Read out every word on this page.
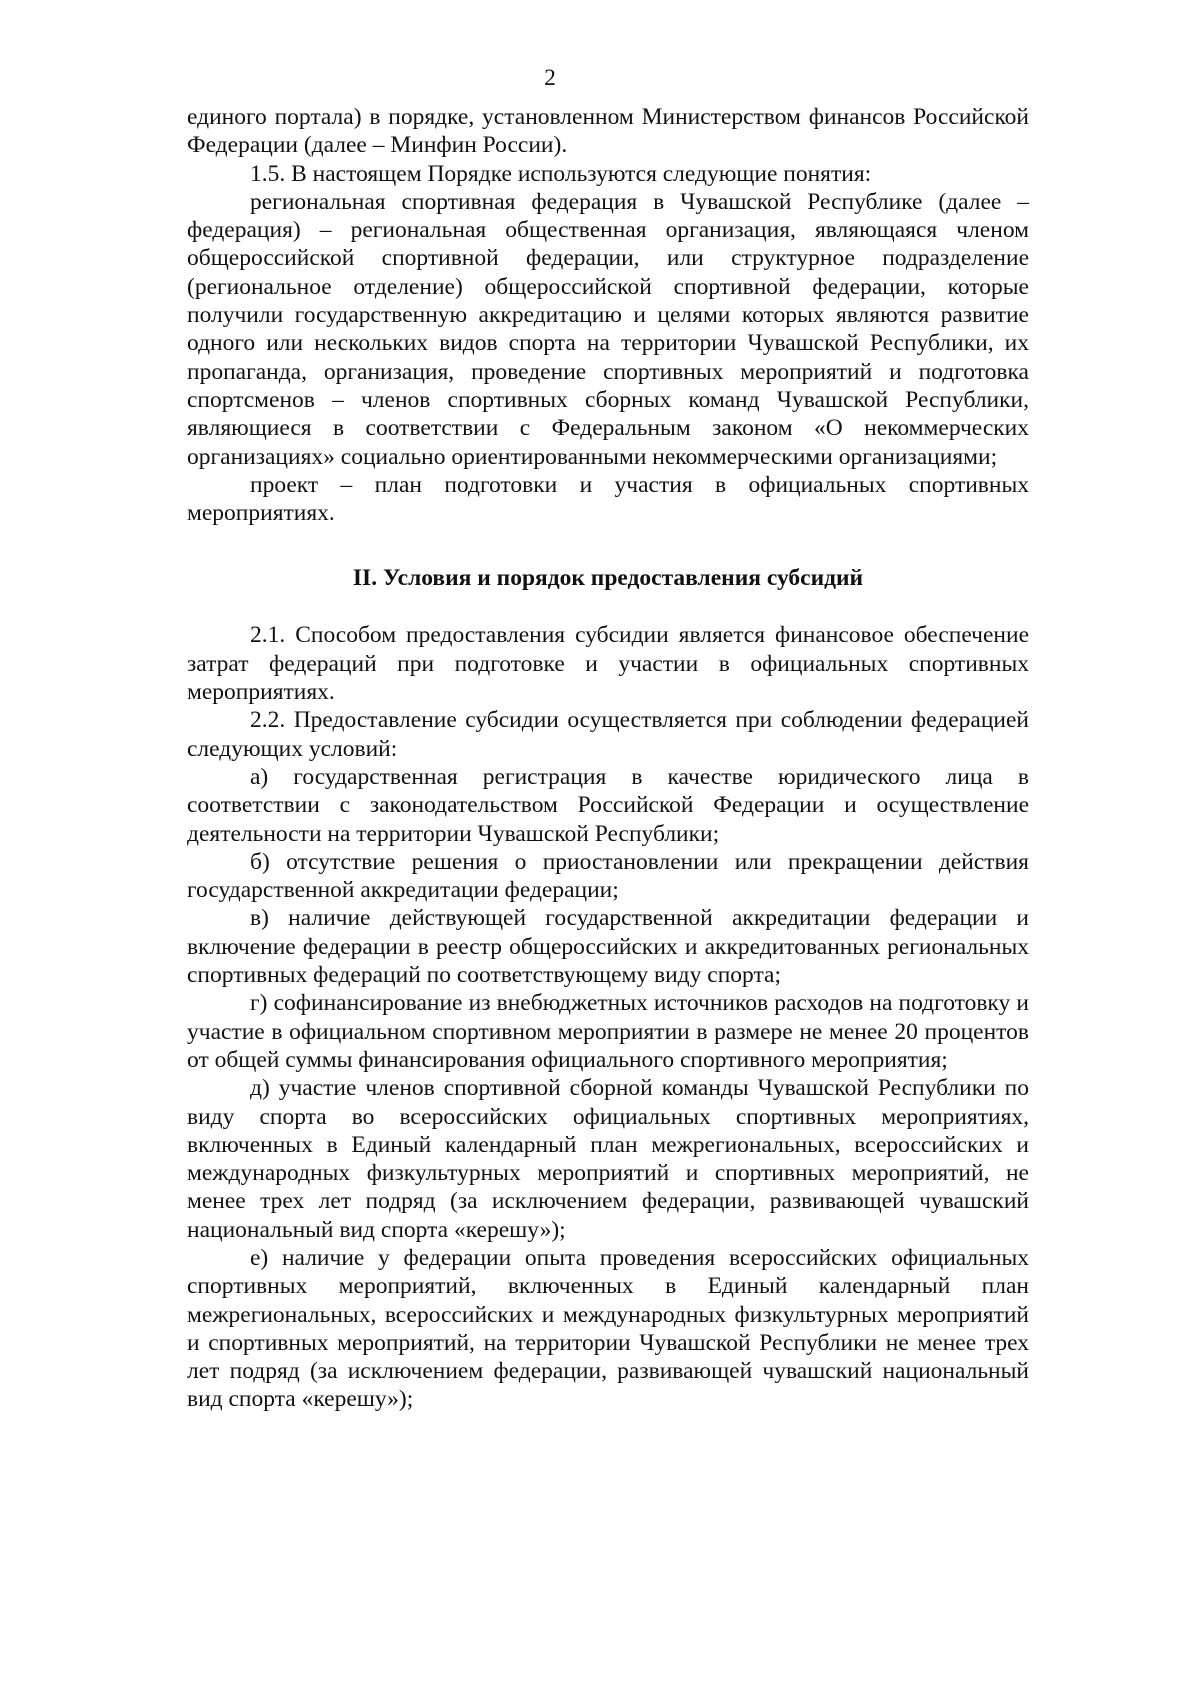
2

единого портала) в порядке, установленном Министерством финансов Российской Федерации (далее – Минфин России).

1.5. В настоящем Порядке используются следующие понятия:

региональная спортивная федерация в Чувашской Республике (далее – федерация) – региональная общественная организация, являющаяся членом общероссийской спортивной федерации, или структурное подразделение (региональное отделение) общероссийской спортивной федерации, которые получили государственную аккредитацию и целями которых являются развитие одного или нескольких видов спорта на территории Чувашской Республики, их пропаганда, организация, проведение спортивных мероприятий и подготовка спортсменов – членов спортивных сборных команд Чувашской Республики, являющиеся в соответствии с Федеральным законом «О некоммерческих организациях» социально ориентированными некоммерческими организациями;

проект – план подготовки и участия в официальных спортивных мероприятиях.

II. Условия и порядок предоставления субсидий

2.1. Способом предоставления субсидии является финансовое обеспечение затрат федераций при подготовке и участии в официальных спортивных мероприятиях.

2.2. Предоставление субсидии осуществляется при соблюдении федерацией следующих условий:

а) государственная регистрация в качестве юридического лица в соответствии с законодательством Российской Федерации и осуществление деятельности на территории Чувашской Республики;

б) отсутствие решения о приостановлении или прекращении действия государственной аккредитации федерации;

в) наличие действующей государственной аккредитации федерации и включение федерации в реестр общероссийских и аккредитованных региональных спортивных федераций по соответствующему виду спорта;

г) софинансирование из внебюджетных источников расходов на подготовку и участие в официальном спортивном мероприятии в размере не менее 20 процентов от общей суммы финансирования официального спортивного мероприятия;

д) участие членов спортивной сборной команды Чувашской Республики по виду спорта во всероссийских официальных спортивных мероприятиях, включенных в Единый календарный план межрегиональных, всероссийских и международных физкультурных мероприятий и спортивных мероприятий, не менее трех лет подряд (за исключением федерации, развивающей чувашский национальный вид спорта «керешу»);

е) наличие у федерации опыта проведения всероссийских официальных спортивных мероприятий, включенных в Единый календарный план межрегиональных, всероссийских и международных физкультурных мероприятий и спортивных мероприятий, на территории Чувашской Республики не менее трех лет подряд (за исключением федерации, развивающей чувашский национальный вид спорта «керешу»);
